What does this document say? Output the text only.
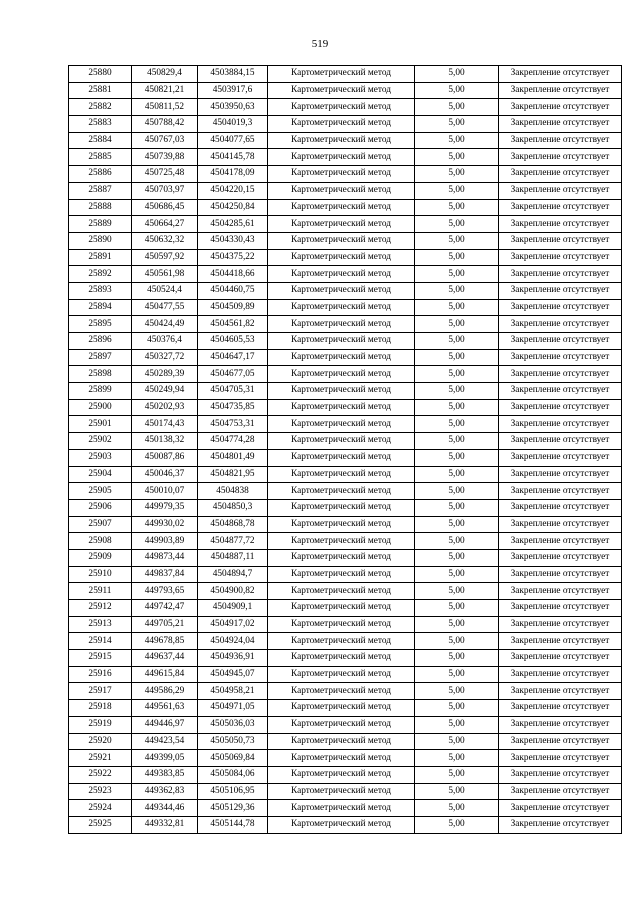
519
25880	450829,4	4503884,15	Картометрический метод	5,00	Закрепление отсутствует
25881	450821,21	4503917,6	Картометрический метод	5,00	Закрепление отсутствует
25882	450811,52	4503950,63	Картометрический метод	5,00	Закрепление отсутствует
25883	450788,42	4504019,3	Картометрический метод	5,00	Закрепление отсутствует
25884	450767,03	4504077,65	Картометрический метод	5,00	Закрепление отсутствует
25885	450739,88	4504145,78	Картометрический метод	5,00	Закрепление отсутствует
25886	450725,48	4504178,09	Картометрический метод	5,00	Закрепление отсутствует
25887	450703,97	4504220,15	Картометрический метод	5,00	Закрепление отсутствует
25888	450686,45	4504250,84	Картометрический метод	5,00	Закрепление отсутствует
25889	450664,27	4504285,61	Картометрический метод	5,00	Закрепление отсутствует
25890	450632,32	4504330,43	Картометрический метод	5,00	Закрепление отсутствует
25891	450597,92	4504375,22	Картометрический метод	5,00	Закрепление отсутствует
25892	450561,98	4504418,66	Картометрический метод	5,00	Закрепление отсутствует
25893	450524,4	4504460,75	Картометрический метод	5,00	Закрепление отсутствует
25894	450477,55	4504509,89	Картометрический метод	5,00	Закрепление отсутствует
25895	450424,49	4504561,82	Картометрический метод	5,00	Закрепление отсутствует
25896	450376,4	4504605,53	Картометрический метод	5,00	Закрепление отсутствует
25897	450327,72	4504647,17	Картометрический метод	5,00	Закрепление отсутствует
25898	450289,39	4504677,05	Картометрический метод	5,00	Закрепление отсутствует
25899	450249,94	4504705,31	Картометрический метод	5,00	Закрепление отсутствует
25900	450202,93	4504735,85	Картометрический метод	5,00	Закрепление отсутствует
25901	450174,43	4504753,31	Картометрический метод	5,00	Закрепление отсутствует
25902	450138,32	4504774,28	Картометрический метод	5,00	Закрепление отсутствует
25903	450087,86	4504801,49	Картометрический метод	5,00	Закрепление отсутствует
25904	450046,37	4504821,95	Картометрический метод	5,00	Закрепление отсутствует
25905	450010,07	4504838	Картометрический метод	5,00	Закрепление отсутствует
25906	449979,35	4504850,3	Картометрический метод	5,00	Закрепление отсутствует
25907	449930,02	4504868,78	Картометрический метод	5,00	Закрепление отсутствует
25908	449903,89	4504877,72	Картометрический метод	5,00	Закрепление отсутствует
25909	449873,44	4504887,11	Картометрический метод	5,00	Закрепление отсутствует
25910	449837,84	4504894,7	Картометрический метод	5,00	Закрепление отсутствует
25911	449793,65	4504900,82	Картометрический метод	5,00	Закрепление отсутствует
25912	449742,47	4504909,1	Картометрический метод	5,00	Закрепление отсутствует
25913	449705,21	4504917,02	Картометрический метод	5,00	Закрепление отсутствует
25914	449678,85	4504924,04	Картометрический метод	5,00	Закрепление отсутствует
25915	449637,44	4504936,91	Картометрический метод	5,00	Закрепление отсутствует
25916	449615,84	4504945,07	Картометрический метод	5,00	Закрепление отсутствует
25917	449586,29	4504958,21	Картометрический метод	5,00	Закрепление отсутствует
25918	449561,63	4504971,05	Картометрический метод	5,00	Закрепление отсутствует
25919	449446,97	4505036,03	Картометрический метод	5,00	Закрепление отсутствует
25920	449423,54	4505050,73	Картометрический метод	5,00	Закрепление отсутствует
25921	449399,05	4505069,84	Картометрический метод	5,00	Закрепление отсутствует
25922	449383,85	4505084,06	Картометрический метод	5,00	Закрепление отсутствует
25923	449362,83	4505106,95	Картометрический метод	5,00	Закрепление отсутствует
25924	449344,46	4505129,36	Картометрический метод	5,00	Закрепление отсутствует
25925	449332,81	4505144,78	Картометрический метод	5,00	Закрепление отсутствует
